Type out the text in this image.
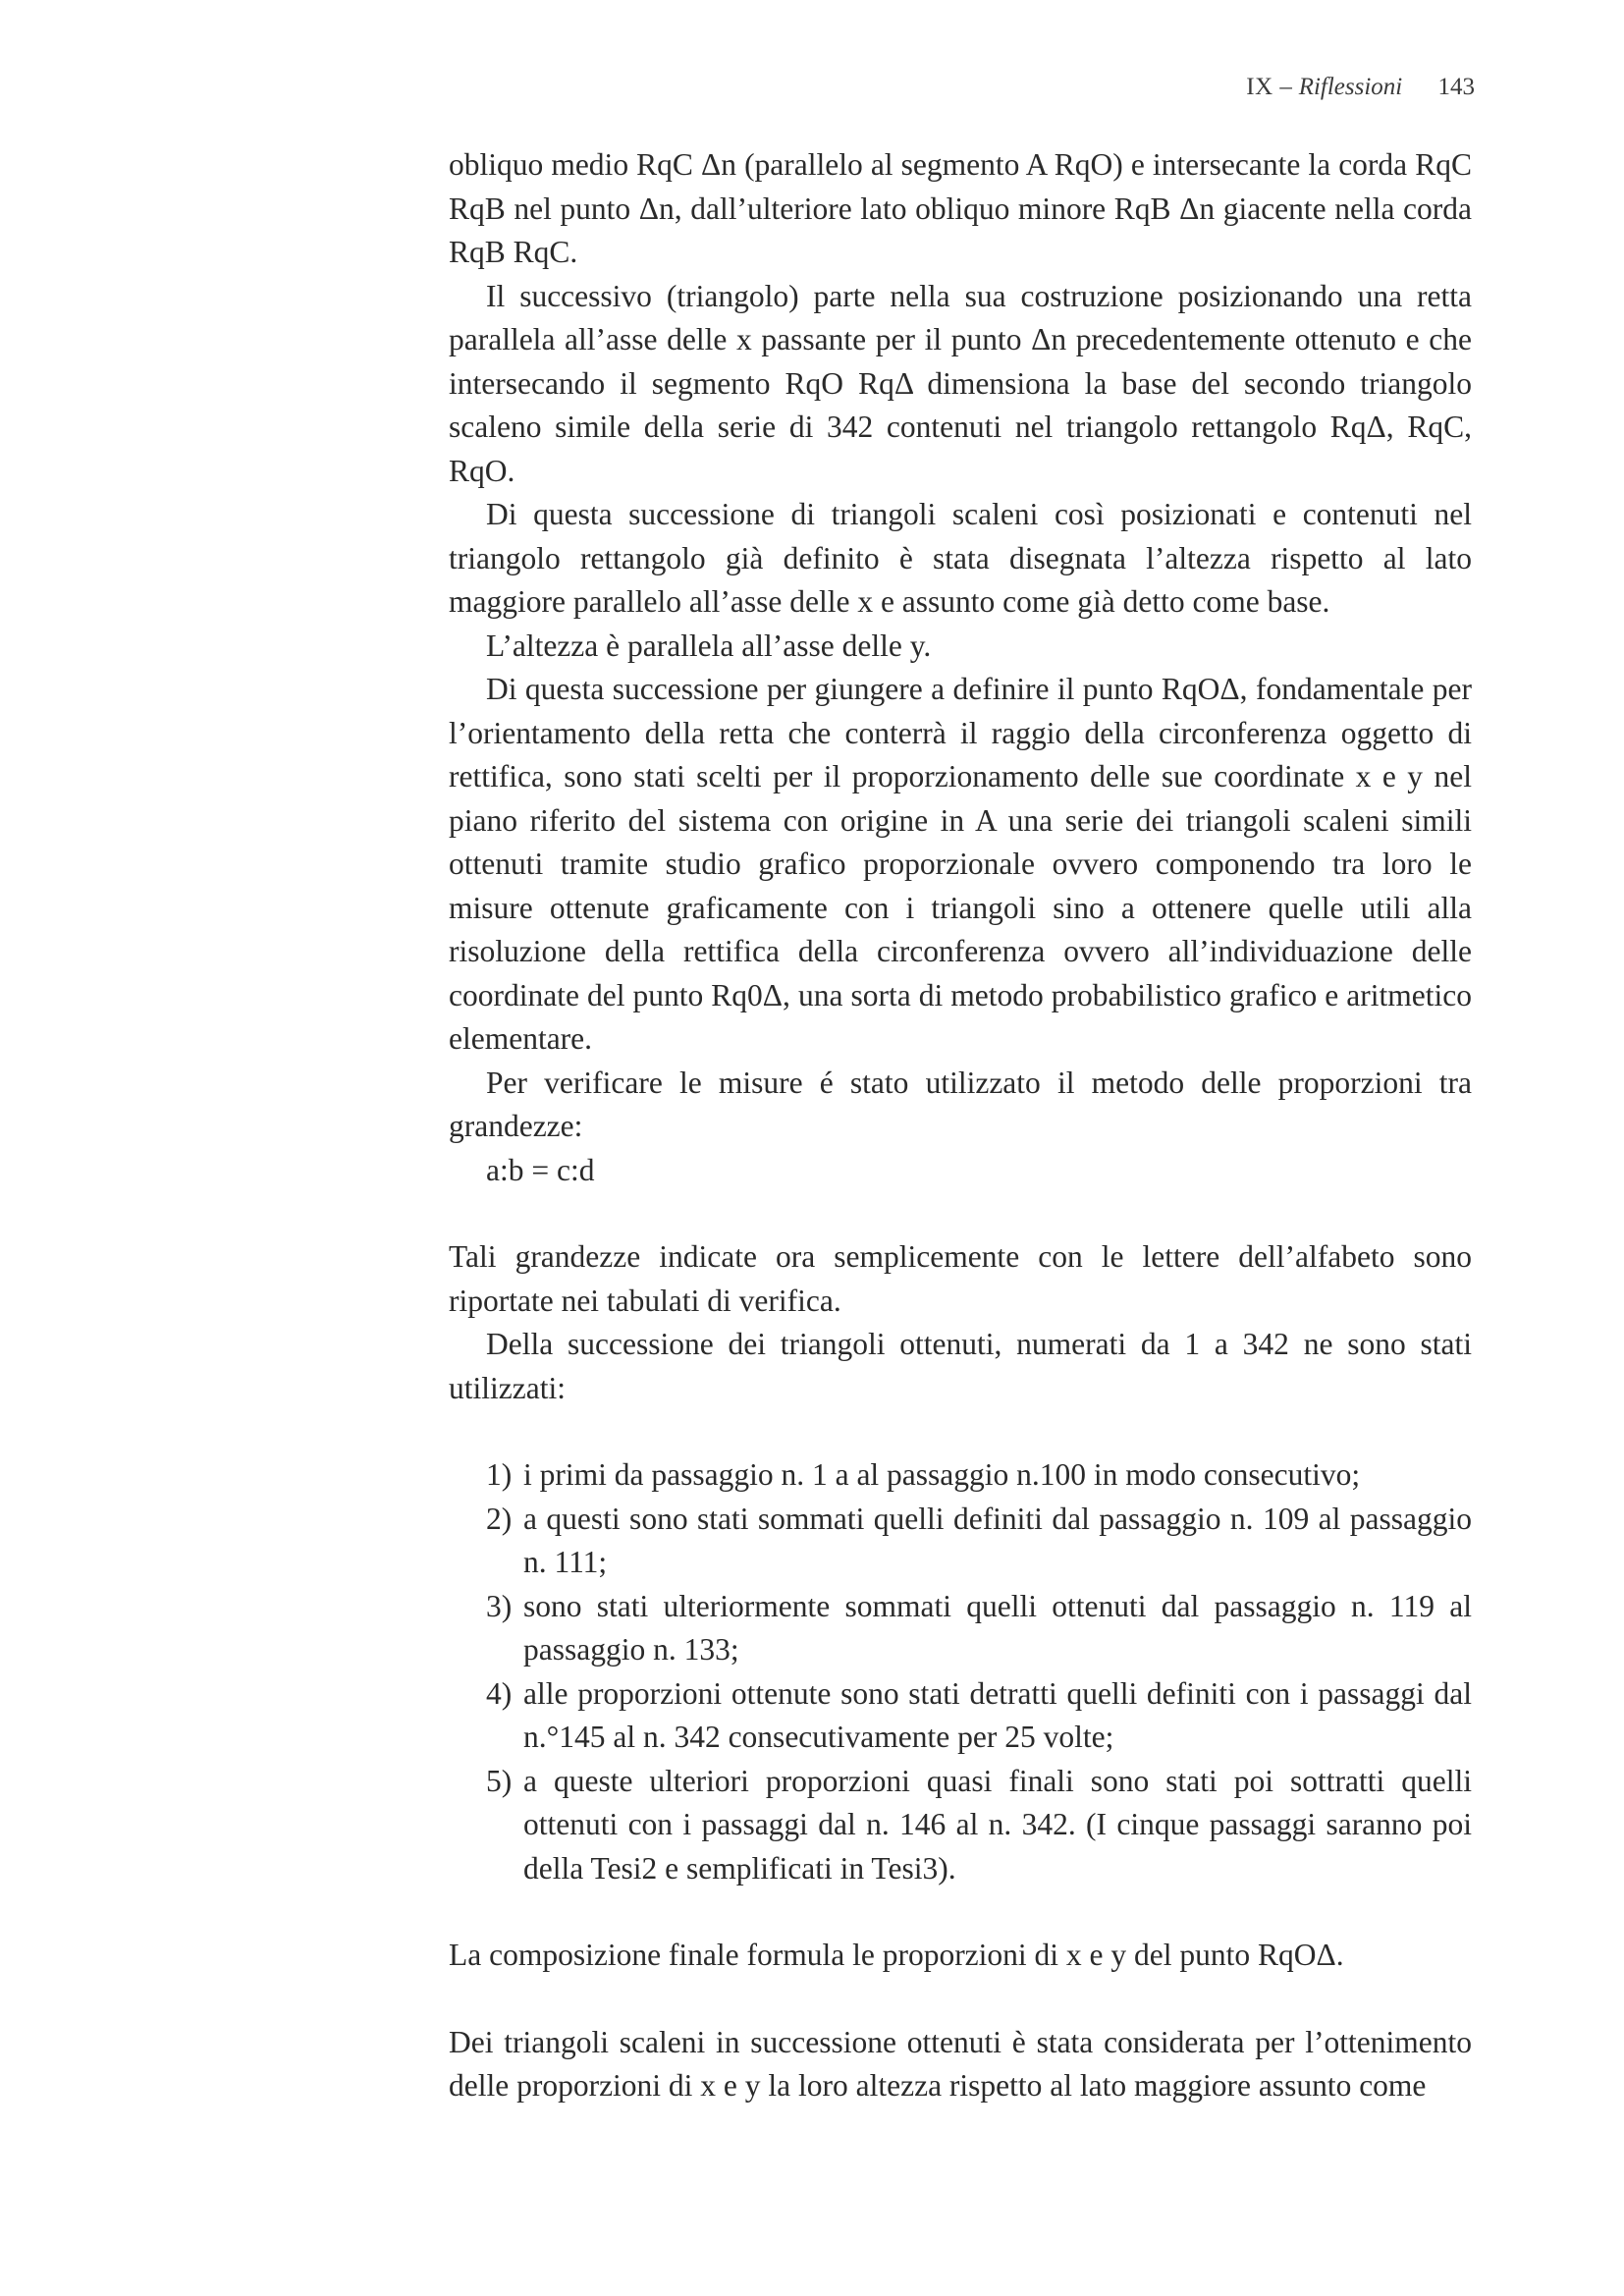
IX – Riflessioni 143

obliquo medio RqC Δn (parallelo al segmento A RqO) e intersecante la corda RqC RqB nel punto Δn, dall’ulteriore lato obliquo minore RqB Δn giacente nella corda RqB RqC.

Il successivo (triangolo) parte nella sua costruzione posizionando una retta parallela all’asse delle x passante per il punto Δn precedentemente ottenuto e che intersecando il segmento RqO RqΔ dimensiona la base del secondo triangolo scaleno simile della serie di 342 contenuti nel triangolo rettangolo RqΔ, RqC, RqO.

Di questa successione di triangoli scaleni così posizionati e contenuti nel triangolo rettangolo già definito è stata disegnata l’altezza rispetto al lato maggiore parallelo all’asse delle x e assunto come già detto come base.

L’altezza è parallela all’asse delle y.

Di questa successione per giungere a definire il punto RqOΔ, fondamentale per l’orientamento della retta che conterrà il raggio della circonferenza oggetto di rettifica, sono stati scelti per il proporzionamento delle sue coordinate x e y nel piano riferito del sistema con origine in A una serie dei triangoli scaleni simili ottenuti tramite studio grafico proporzionale ovvero componendo tra loro le misure ottenute graficamente con i triangoli sino a ottenere quelle utili alla risoluzione della rettifica della circonferenza ovvero all’individuazione delle coordinate del punto Rq0Δ, una sorta di metodo probabilistico grafico e aritmetico elementare.

Per verificare le misure é stato utilizzato il metodo delle proporzioni tra grandezze:

a:b = c:d

Tali grandezze indicate ora semplicemente con le lettere dell’alfabeto sono riportate nei tabulati di verifica.

Della successione dei triangoli ottenuti, numerati da 1 a 342 ne sono stati utilizzati:

1) i primi da passaggio n. 1 a al passaggio n.100 in modo consecutivo;
2) a questi sono stati sommati quelli definiti dal passaggio n. 109 al passaggio n. 111;
3) sono stati ulteriormente sommati quelli ottenuti dal passaggio n. 119 al passaggio n. 133;
4) alle proporzioni ottenute sono stati detratti quelli definiti con i passaggi dal n.°145 al n. 342 consecutivamente per 25 volte;
5) a queste ulteriori proporzioni quasi finali sono stati poi sottratti quelli ottenuti con i passaggi dal n. 146 al n. 342. (I cinque passaggi saranno poi della Tesi2 e semplificati in Tesi3).

La composizione finale formula le proporzioni di x e y del punto RqOΔ.

Dei triangoli scaleni in successione ottenuti è stata considerata per l’ottenimento delle proporzioni di x e y la loro altezza rispetto al lato maggiore assunto come
